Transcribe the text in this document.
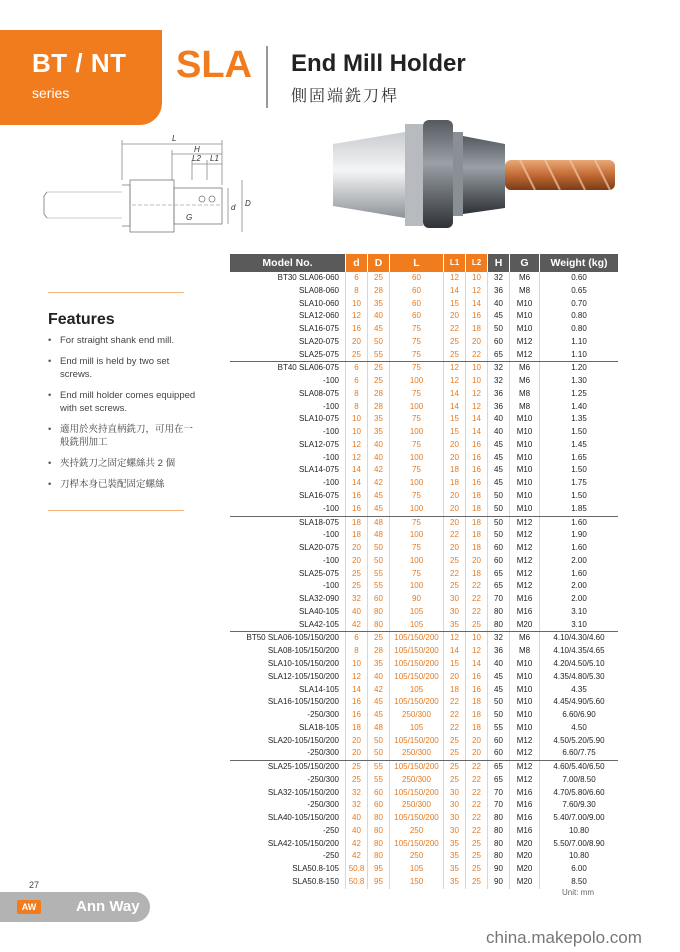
BT / NT
series
SLA End Mill Holder
側固端銑刀桿
L
H
L2 L1
G
d D
Features
• For straight shank end mill.
• End mill is held by two set screws.
• End mill holder comes equipped with set screws.
• 適用於夾持直柄銑刀，可用在一般銑削加工
• 夾持銑刀之固定螺絲共 2 個
• 刀桿本身已裝配固定螺絲
Model No.	d	D	L	L1	L2	H	G	Weight (kg)
BT30 SLA06-060	6	25	60	12	10	32	M6	0.60
SLA08-060	8	28	60	14	12	36	M8	0.65
SLA10-060	10	35	60	15	14	40	M10	0.70
SLA12-060	12	40	60	20	16	45	M10	0.80
SLA16-075	16	45	75	22	18	50	M10	0.80
SLA20-075	20	50	75	25	20	60	M12	1.10
SLA25-075	25	55	75	25	22	65	M12	1.10
BT40 SLA06-075	6	25	75	12	10	32	M6	1.20
-100	6	25	100	12	10	32	M6	1.30
SLA08-075	8	28	75	14	12	36	M8	1.25
-100	8	28	100	14	12	36	M8	1.40
SLA10-075	10	35	75	15	14	40	M10	1.35
-100	10	35	100	15	14	40	M10	1.50
SLA12-075	12	40	75	20	16	45	M10	1.45
-100	12	40	100	20	16	45	M10	1.65
SLA14-075	14	42	75	18	16	45	M10	1.50
-100	14	42	100	18	16	45	M10	1.75
SLA16-075	16	45	75	20	18	50	M10	1.50
-100	16	45	100	20	18	50	M10	1.85
SLA18-075	18	48	75	20	18	50	M12	1.60
-100	18	48	100	22	18	50	M12	1.90
SLA20-075	20	50	75	20	18	60	M12	1.60
-100	20	50	100	25	20	60	M12	2.00
SLA25-075	25	55	75	22	18	65	M12	1.60
-100	25	55	100	25	22	65	M12	2.00
SLA32-090	32	60	90	30	22	70	M16	2.00
SLA40-105	40	80	105	30	22	80	M16	3.10
SLA42-105	42	80	105	35	25	80	M20	3.10
BT50 SLA06-105/150/200	6	25	105/150/200	12	10	32	M6	4.10/4.30/4.60
SLA08-105/150/200	8	28	105/150/200	14	12	36	M8	4.10/4.35/4.65
SLA10-105/150/200	10	35	105/150/200	15	14	40	M10	4.20/4.50/5.10
SLA12-105/150/200	12	40	105/150/200	20	16	45	M10	4.35/4.80/5.30
SLA14-105	14	42	105	18	16	45	M10	4.35
SLA16-105/150/200	16	45	105/150/200	22	18	50	M10	4.45/4.90/5.60
-250/300	16	45	250/300	22	18	50	M10	6.60/6.90
SLA18-105	18	48	105	22	18	55	M10	4.50
SLA20-105/150/200	20	50	105/150/200	25	20	60	M12	4.50/5.20/5.90
-250/300	20	50	250/300	25	20	60	M12	6.60/7.75
SLA25-105/150/200	25	55	105/150/200	25	22	65	M12	4.60/5.40/6.50
-250/300	25	55	250/300	25	22	65	M12	7.00/8.50
SLA32-105/150/200	32	60	105/150/200	30	22	70	M16	4.70/5.80/6.60
-250/300	32	60	250/300	30	22	70	M16	7.60/9.30
SLA40-105/150/200	40	80	105/150/200	30	22	80	M16	5.40/7.00/9.00
-250	40	80	250	30	22	80	M16	10.80
SLA42-105/150/200	42	80	105/150/200	35	25	80	M20	5.50/7.00/8.90
-250	42	80	250	35	25	80	M20	10.80
SLA50.8-105	50.8	95	105	35	25	90	M20	6.00
SLA50.8-150	50.8	95	150	35	25	90	M20	8.50
Unit: mm
27
AW	Ann Way
china.makepolo.com
